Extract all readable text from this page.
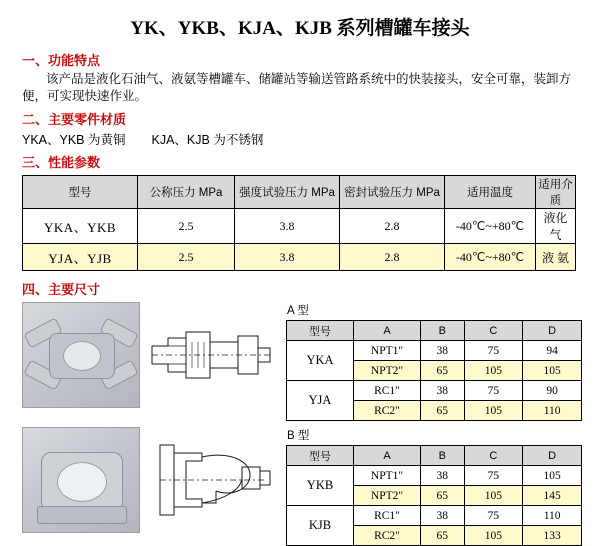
YK、YKB、KJA、KJB 系列槽罐车接头
一、功能特点
该产品是液化石油气、液氨等槽罐车、储罐站等输送管路系统中的快装接头，安全可靠，装卸方便，可实现快速作业。
二、主要零件材质
YKA、YKB 为黄铜 KJA、KJB 为不锈钢
三、性能参数
型号	公称压力 MPa	强度试验压力 MPa	密封试验压力 MPa	适用温度	适用介质
YKA、YKB	2.5	3.8	2.8	-40℃~+80℃	液化气
YJA、YJB	2.5	3.8	2.8	-40℃~+80℃	液 氨
四、主要尺寸
A 型
型号	A	B	C	D
YKA	NPT1"	38	75	94
	NPT2"	65	105	105
YJA	RC1"	38	75	90
	RC2"	65	105	110
B 型
型号	A	B	C	D
YKB	NPT1"	38	75	105
	NPT2"	65	105	145
KJB	RC1"	38	75	110
	RC2"	65	105	133
